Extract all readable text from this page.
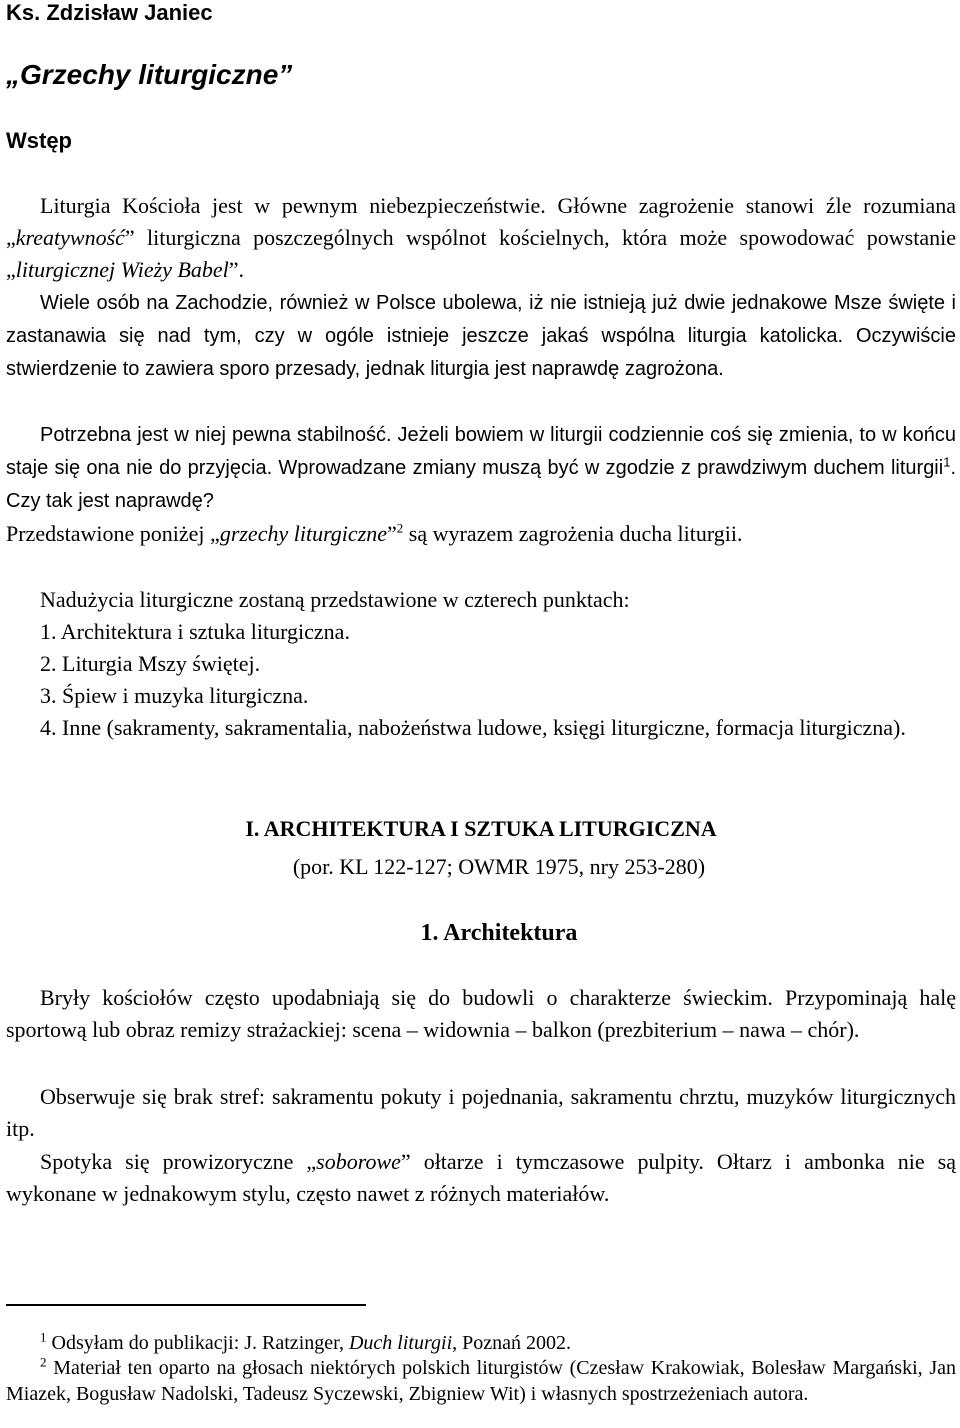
Ks. Zdzisław Janiec
„Grzechy liturgiczne”
Wstęp

Liturgia Kościoła jest w pewnym niebezpieczeństwie. Główne zagrożenie stanowi źle rozumiana „kreatywność” liturgiczna poszczególnych wspólnot kościelnych, która może spowodować powstanie „liturgicznej Wieży Babel”.

Wiele osób na Zachodzie, również w Polsce ubolewa, iż nie istnieją już dwie jednakowe Msze święte i zastanawia się nad tym, czy w ogóle istnieje jeszcze jakaś wspólna liturgia katolicka. Oczywiście stwierdzenie to zawiera sporo przesady, jednak liturgia jest naprawdę zagrożona.

Potrzebna jest w niej pewna stabilność. Jeżeli bowiem w liturgii codziennie coś się zmienia, to w końcu staje się ona nie do przyjęcia. Wprowadzane zmiany muszą być w zgodzie z prawdziwym duchem liturgii$^1$. Czy tak jest naprawdę?

Przedstawione poniżej „grzechy liturgiczne”$^2$ są wyrazem zagrożenia ducha liturgii.

Nadużycia liturgiczne zostaną przedstawione w czterech punktach:

1. Architektura i sztuka liturgiczna.
2. Liturgia Mszy świętej.
3. Śpiew i muzyka liturgiczna.

4. Inne (sakramenty, sakramentalia, nabożeństwa ludowe, księgi liturgiczne, formacja liturgiczna).

I. ARCHITEKTURA I SZTUKA LITURGICZNA
(por. KL 122-127; OWMR 1975, nry 253-280)
1. Architektura

Bryły kościołów często upodabniają się do budowli o charakterze świeckim. Przypominają halę sportową lub obraz remizy strażackiej: scena – widownia – balkon (prezbiterium – nawa – chór).

Obserwuje się brak stref: sakramentu pokuty i pojednania, sakramentu chrztu, muzyków liturgicznych itp.

Spotyka się prowizoryczne „soborowe” ołtarze i tymczasowe pulpity. Ołtarz i ambonka nie są wykonane w jednakowym stylu, często nawet z różnych materiałów.

$^1$ Odsyłam do publikacji: J. Ratzinger, Duch liturgii, Poznań 2002.

$^2$ Materiał ten oparto na głosach niektórych polskich liturgistów (Czesław Krakowiak, Bolesław Margański, Jan Miazek, Bogusław Nadolski, Tadeusz Syczewski, Zbigniew Wit) i własnych spostrzeżeniach autora.
